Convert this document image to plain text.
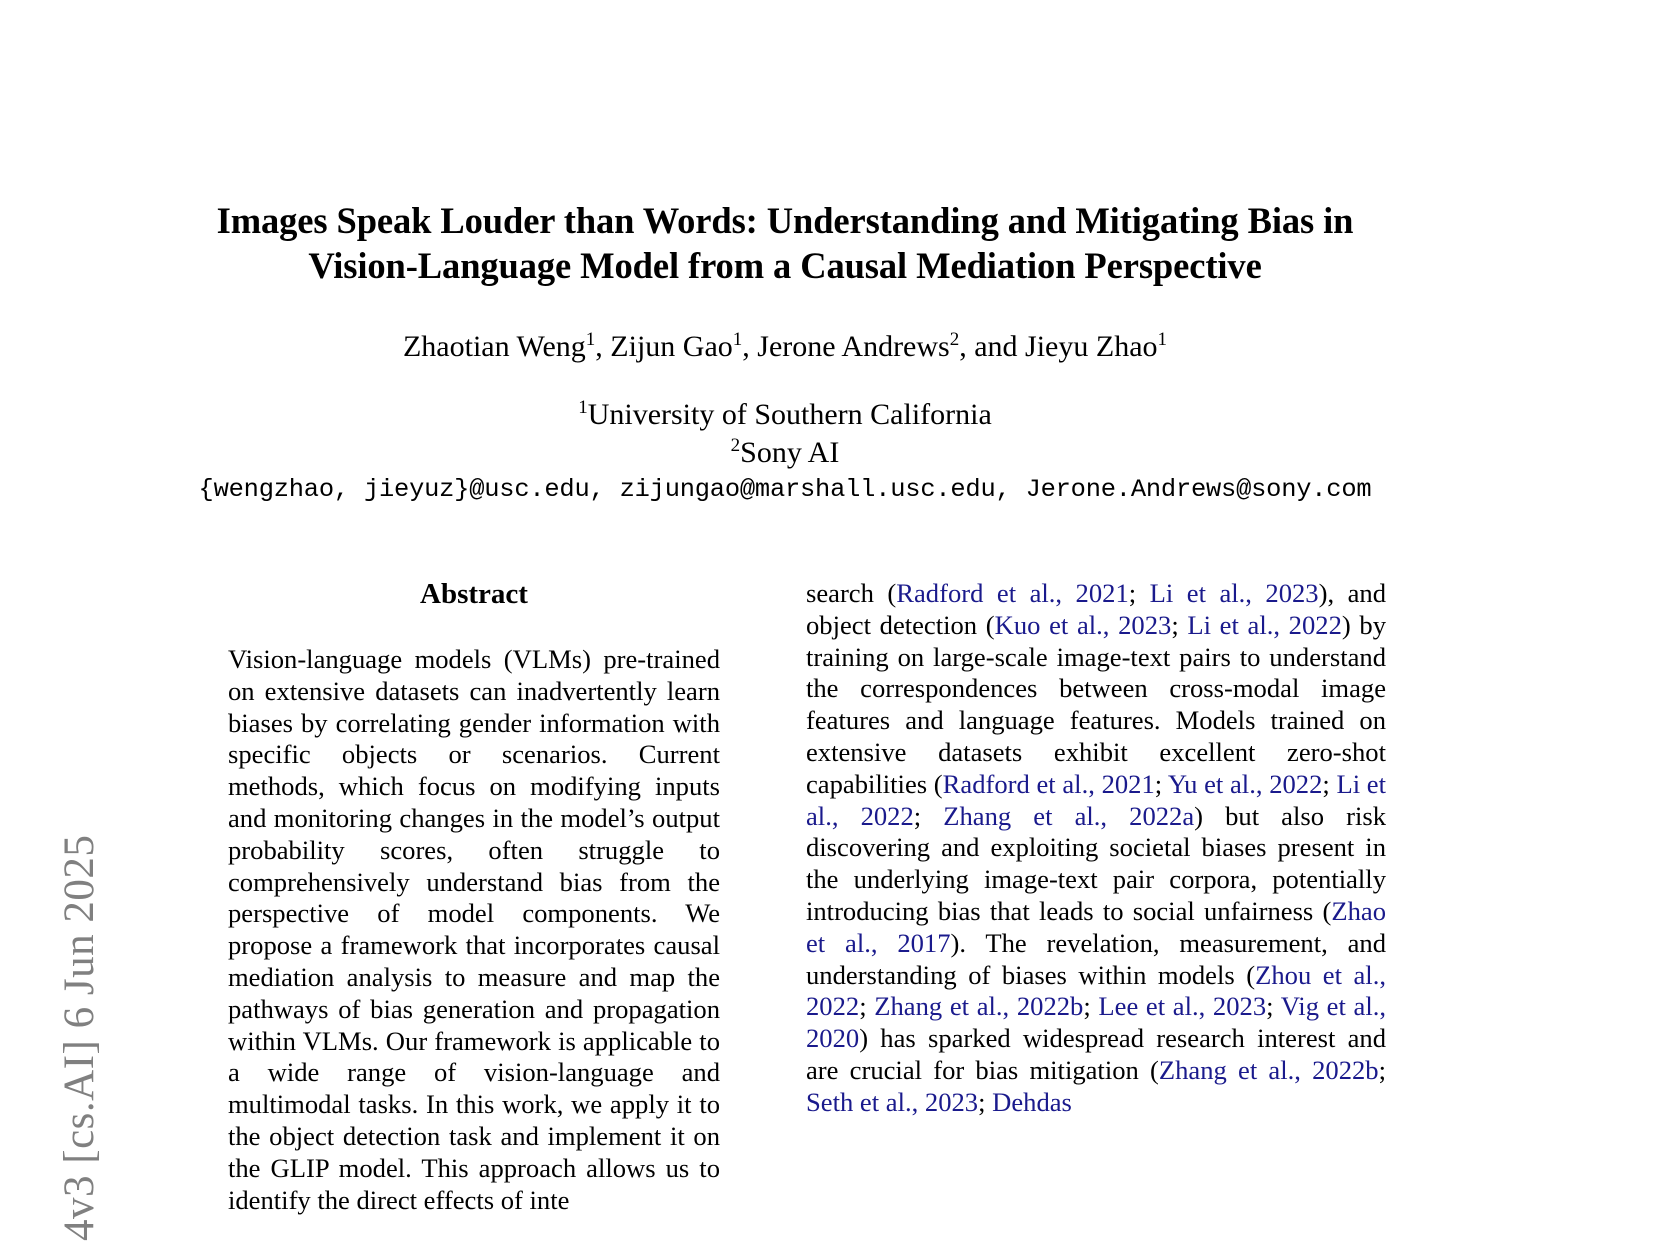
4v3 [cs.AI] 6 Jun 2025
Images Speak Louder than Words: Understanding and Mitigating Bias in Vision-Language Model from a Causal Mediation Perspective
Zhaotian Weng$^1$, Zijun Gao$^1$, Jerone Andrews$^2$, and Jieyu Zhao$^1$
$^1$University of Southern California
$^2$Sony AI
{wengzhao, jieyuz}@usc.edu, zijungao@marshall.usc.edu, Jerone.Andrews@sony.com
Abstract

Vision-language models (VLMs) pre-trained on extensive datasets can inadvertently learn biases by correlating gender information with specific objects or scenarios. Current methods, which focus on modifying inputs and monitoring changes in the model’s output probability scores, often struggle to comprehensively understand bias from the perspective of model components. We propose a framework that incorporates causal mediation analysis to measure and map the pathways of bias generation and propagation within VLMs. Our framework is applicable to a wide range of vision-language and multimodal tasks. In this work, we apply it to the object detection task and implement it on the GLIP model. This approach allows us to identify the direct effects of inte

search (Radford et al., 2021; Li et al., 2023), and object detection (Kuo et al., 2023; Li et al., 2022) by training on large-scale image-text pairs to understand the correspondences between cross-modal image features and language features. Models trained on extensive datasets exhibit excellent zero-shot capabilities (Radford et al., 2021; Yu et al., 2022; Li et al., 2022; Zhang et al., 2022a) but also risk discovering and exploiting societal biases present in the underlying image-text pair corpora, potentially introducing bias that leads to social unfairness (Zhao et al., 2017). The revelation, measurement, and understanding of biases within models (Zhou et al., 2022; Zhang et al., 2022b; Lee et al., 2023; Vig et al., 2020) has sparked widespread research interest and are crucial for bias mitigation (Zhang et al., 2022b; Seth et al., 2023; Dehdas
